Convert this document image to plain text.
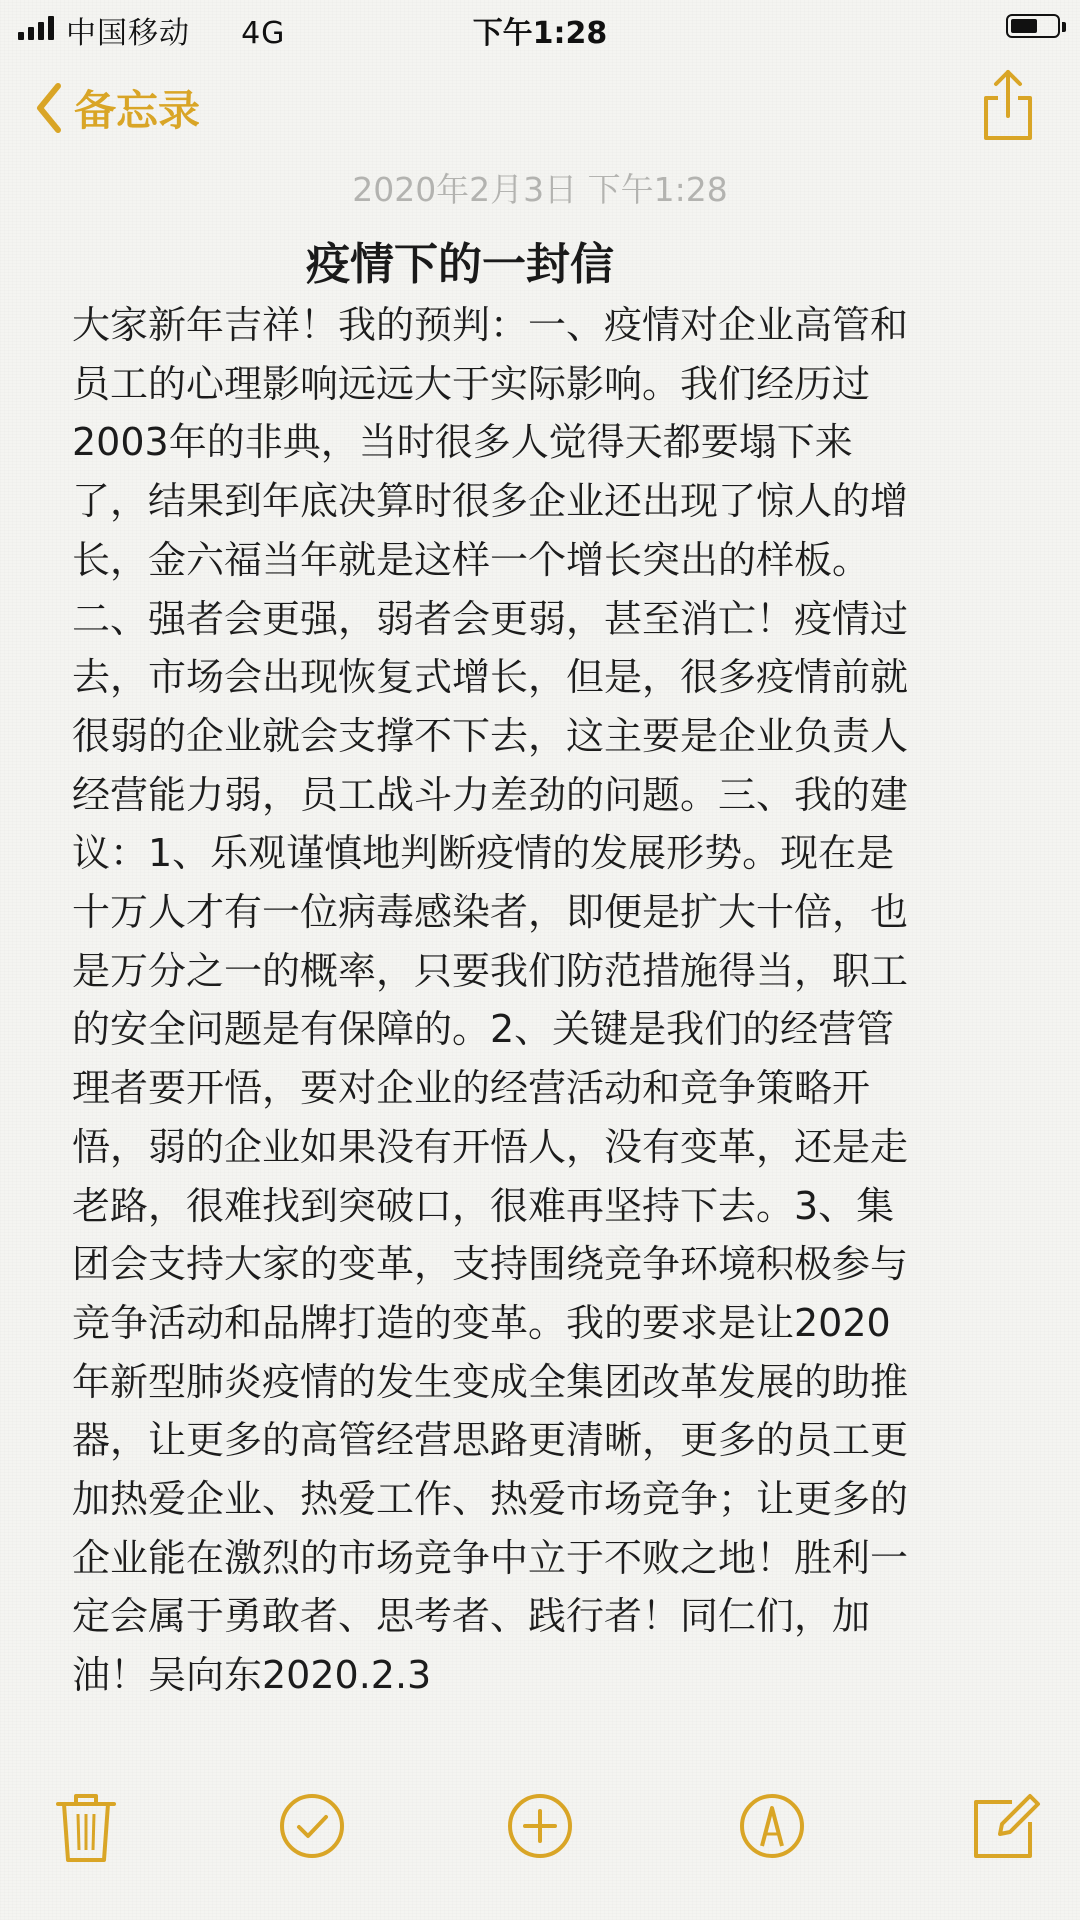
中国移动 4G	下午1:28
备忘录
2020年2月3日 下午1:28
疫情下的一封信
大家新年吉祥！我的预判：一、疫情对企业高管和
员工的心理影响远远大于实际影响。我们经历过
2003年的非典，当时很多人觉得天都要塌下来
了，结果到年底决算时很多企业还出现了惊人的增
长，金六福当年就是这样一个增长突出的样板。
二、强者会更强，弱者会更弱，甚至消亡！疫情过
去，市场会出现恢复式增长，但是，很多疫情前就
很弱的企业就会支撑不下去，这主要是企业负责人
经营能力弱，员工战斗力差劲的问题。三、我的建
议：1、乐观谨慎地判断疫情的发展形势。现在是
十万人才有一位病毒感染者，即便是扩大十倍，也
是万分之一的概率，只要我们防范措施得当，职工
的安全问题是有保障的。2、关键是我们的经营管
理者要开悟，要对企业的经营活动和竞争策略开
悟，弱的企业如果没有开悟人，没有变革，还是走
老路，很难找到突破口，很难再坚持下去。3、集
团会支持大家的变革，支持围绕竞争环境积极参与
竞争活动和品牌打造的变革。我的要求是让2020
年新型肺炎疫情的发生变成全集团改革发展的助推
器，让更多的高管经营思路更清晰，更多的员工更
加热爱企业、热爱工作、热爱市场竞争；让更多的
企业能在激烈的市场竞争中立于不败之地！胜利一
定会属于勇敢者、思考者、践行者！同仁们，加
油！吴向东2020.2.3
